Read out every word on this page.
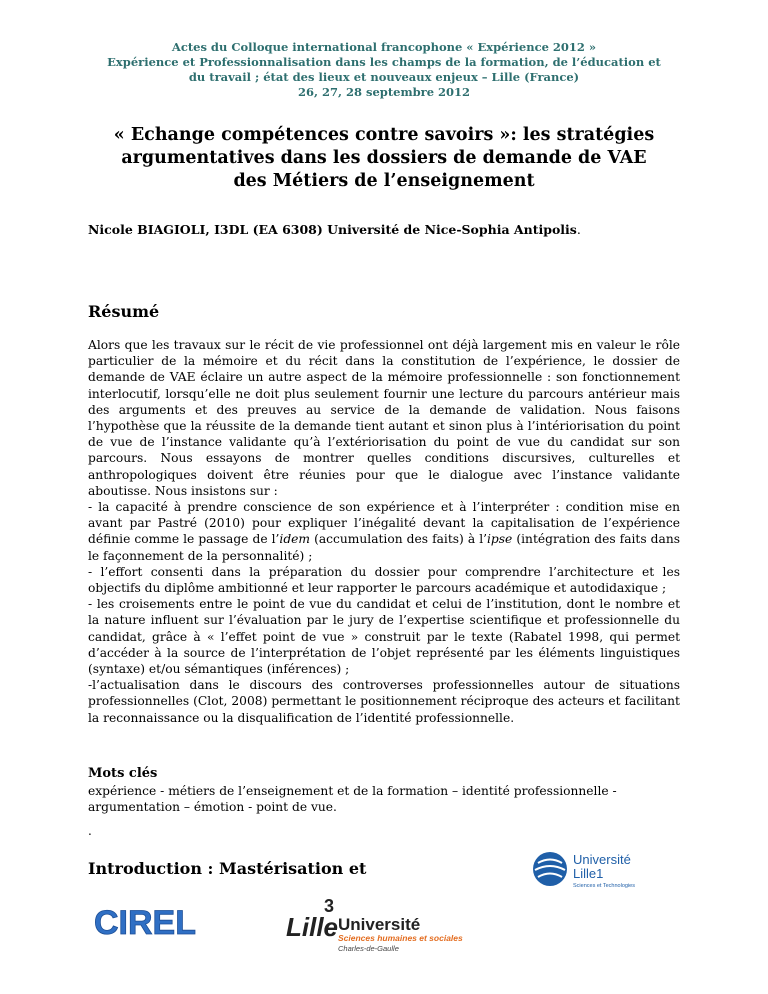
Actes du Colloque international francophone « Expérience 2012 »
Expérience et Professionnalisation dans les champs de la formation, de l’éducation et
du travail ; état des lieux et nouveaux enjeux – Lille (France)
26, 27, 28 septembre 2012
« Echange compétences contre savoirs »: les stratégies
argumentatives dans les dossiers de demande de VAE
des Métiers de l’enseignement
Nicole BIAGIOLI, I3DL (EA 6308) Université de Nice-Sophia Antipolis.
Résumé

Alors que les travaux sur le récit de vie professionnel ont déjà largement mis en valeur le rôle particulier de la mémoire et du récit dans la constitution de l’expérience, le dossier de demande de VAE éclaire un autre aspect de la mémoire professionnelle : son fonctionnement interlocutif, lorsqu’elle ne doit plus seulement fournir une lecture du parcours antérieur mais des arguments et des preuves au service de la demande de validation. Nous faisons l’hypothèse que la réussite de la demande tient autant et sinon plus à l’intériorisation du point de vue de l’instance validante qu’à l’extériorisation du point de vue du candidat sur son parcours. Nous essayons de montrer quelles conditions discursives, culturelles et anthropologiques doivent être réunies pour que le dialogue avec l’instance validante aboutisse. Nous insistons sur :

- la capacité à prendre conscience de son expérience et à l’interpréter : condition mise en avant par Pastré (2010) pour expliquer l’inégalité devant la capitalisation de l’expérience définie comme le passage de l’idem (accumulation des faits) à l’ipse (intégration des faits dans le façonnement de la personnalité) ;

- l’effort consenti dans la préparation du dossier pour comprendre l’architecture et les objectifs du diplôme ambitionné et leur rapporter le parcours académique et autodidaxique ;

- les croisements entre le point de vue du candidat et celui de l’institution, dont le nombre et la nature influent sur l’évaluation par le jury de l’expertise scientifique et professionnelle du candidat, grâce à « l’effet point de vue » construit par le texte (Rabatel 1998, qui permet d’accéder à la source de l’interprétation de l’objet représenté par les éléments linguistiques (syntaxe) et/ou sémantiques (inférences) ;

-l’actualisation dans le discours des controverses professionnelles autour de situations professionnelles (Clot, 2008) permettant le positionnement réciproque des acteurs et facilitant la reconnaissance ou la disqualification de l’identité professionnelle.

Mots clés
expérience - métiers de l’enseignement et de la formation – identité professionnelle - argumentation – émotion - point de vue.
.
Introduction : Mastérisation et	Université
Lille1
Sciences et Technologies
CIREL	Lille
3
Université
Sciences humaines et sociales
Charles-de-Gaulle
